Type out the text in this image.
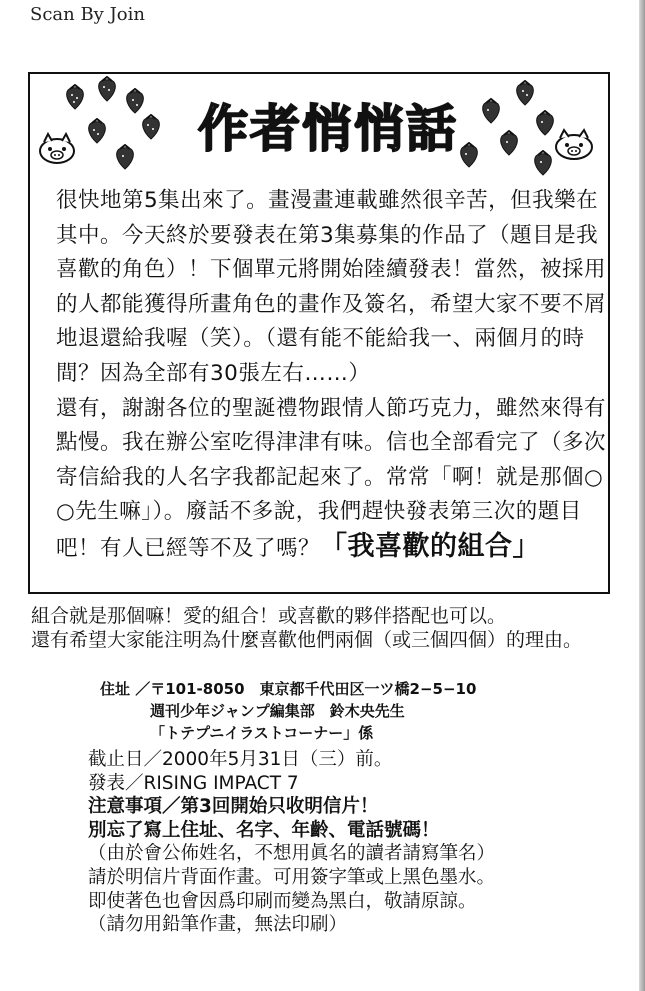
Scan By Join
作者悄悄話

很快地第5集出來了。畫漫畫連載雖然很辛苦，但我樂在

其中。今天終於要發表在第3集募集的作品了（題目是我

喜歡的角色）！下個單元將開始陸續發表！當然，被採用

的人都能獲得所畫角色的畫作及簽名，希望大家不要不屑

地退還給我喔（笑）。（還有能不能給我一、兩個月的時

間？因為全部有30張左右……）

還有，謝謝各位的聖誕禮物跟情人節巧克力，雖然來得有

點慢。我在辦公室吃得津津有味。信也全部看完了（多次

寄信給我的人名字我都記起來了。常常「啊！就是那個○

○先生嘛」）。廢話不多說，我們趕快發表第三次的題目

吧！有人已經等不及了嗎？「我喜歡的組合」

組合就是那個嘛！愛的組合！或喜歡的夥伴搭配也可以。

還有希望大家能注明為什麼喜歡他們兩個（或三個四個）的理由。

住址 ／〒101-8050　東京都千代田区一ツ橋2−5−10

週刊少年ジャンプ編集部　鈴木央先生

「トテプニイラストコーナー」係

截止日／2000年5月31日（三）前。

發表／RISING IMPACT 7

注意事項／第3回開始只收明信片！

別忘了寫上住址、名字、年齡、電話號碼！

（由於會公佈姓名，不想用眞名的讀者請寫筆名）

請於明信片背面作畫。可用簽字筆或上黑色墨水。

即使著色也會因爲印刷而變為黑白，敬請原諒。

（請勿用鉛筆作畫，無法印刷）
